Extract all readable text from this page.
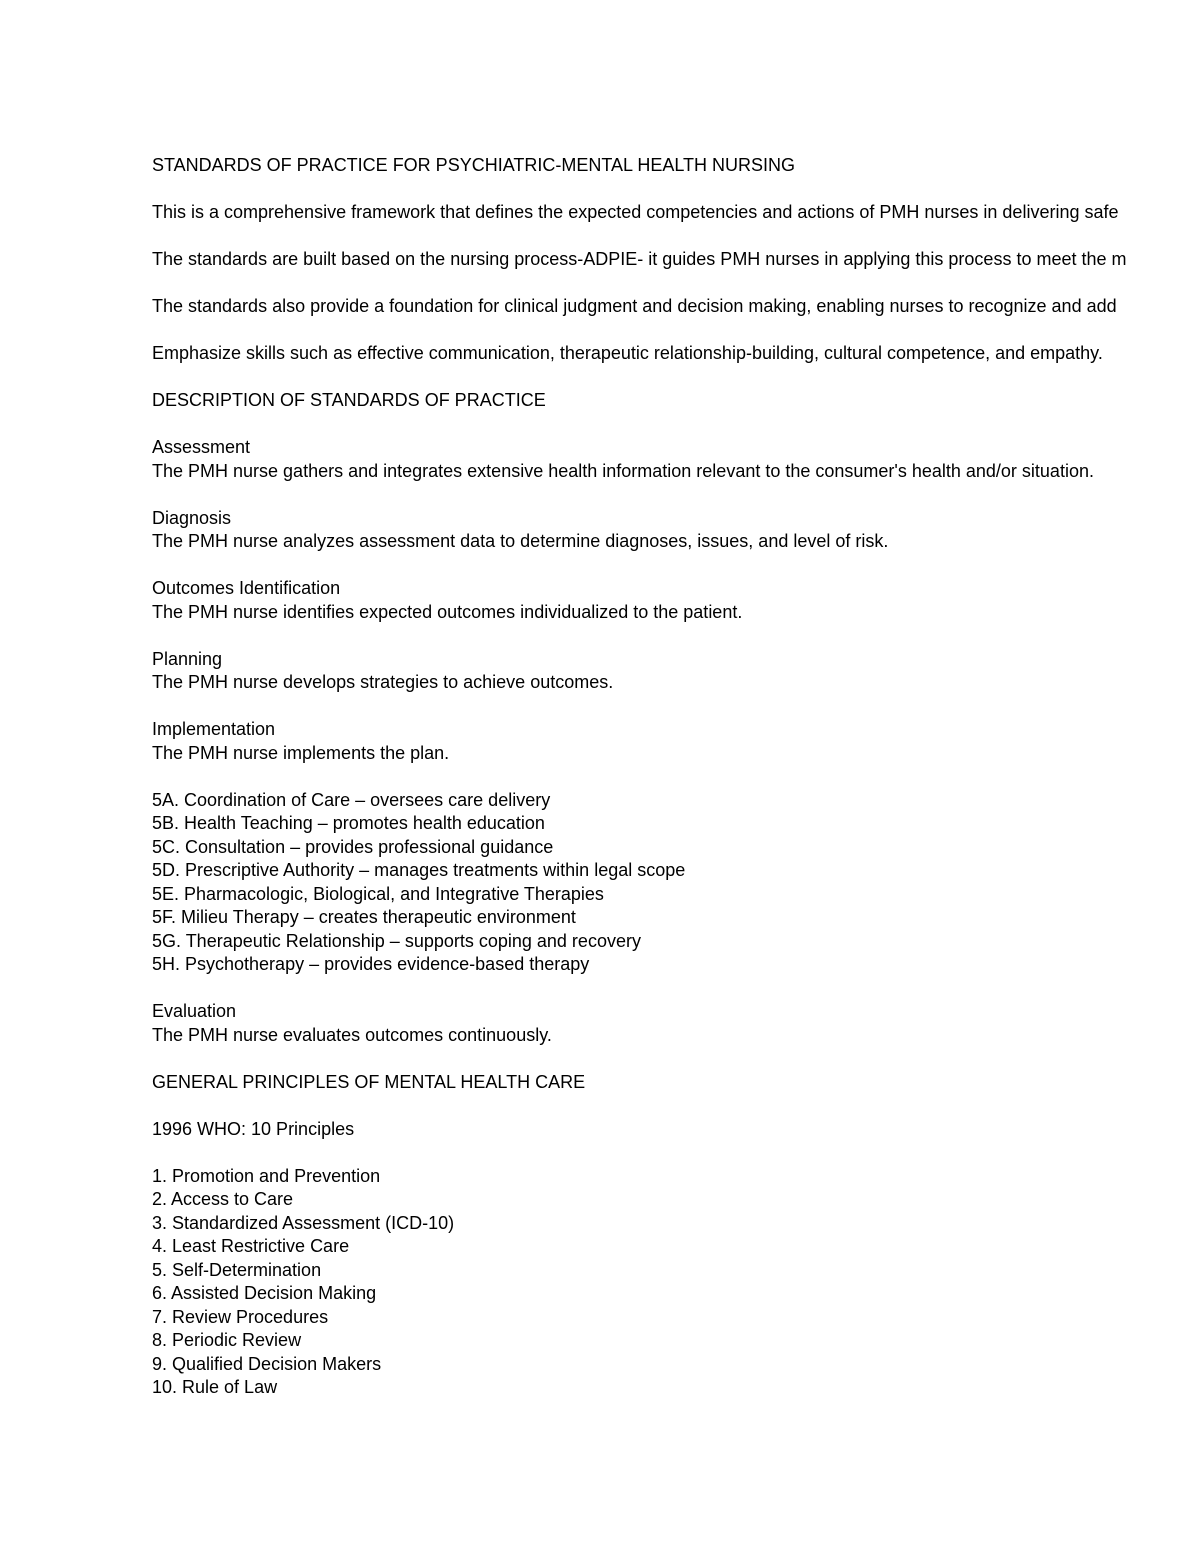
STANDARDS OF PRACTICE FOR PSYCHIATRIC-MENTAL HEALTH NURSING
This is a comprehensive framework that defines the expected competencies and actions of PMH nurses in delivering safe
The standards are built based on the nursing process-ADPIE- it guides PMH nurses in applying this process to meet the m
The standards also provide a foundation for clinical judgment and decision making, enabling nurses to recognize and add
Emphasize skills such as effective communication, therapeutic relationship-building, cultural competence, and empathy.
DESCRIPTION OF STANDARDS OF PRACTICE
Assessment
The PMH nurse gathers and integrates extensive health information relevant to the consumer's health and/or situation.
Diagnosis
The PMH nurse analyzes assessment data to determine diagnoses, issues, and level of risk.
Outcomes Identification
The PMH nurse identifies expected outcomes individualized to the patient.
Planning
The PMH nurse develops strategies to achieve outcomes.
Implementation
The PMH nurse implements the plan.
5A. Coordination of Care – oversees care delivery
5B. Health Teaching – promotes health education
5C. Consultation – provides professional guidance
5D. Prescriptive Authority – manages treatments within legal scope
5E. Pharmacologic, Biological, and Integrative Therapies
5F. Milieu Therapy – creates therapeutic environment
5G. Therapeutic Relationship – supports coping and recovery
5H. Psychotherapy – provides evidence-based therapy
Evaluation
The PMH nurse evaluates outcomes continuously.
GENERAL PRINCIPLES OF MENTAL HEALTH CARE
1996 WHO: 10 Principles
1. Promotion and Prevention
2. Access to Care
3. Standardized Assessment (ICD-10)
4. Least Restrictive Care
5. Self-Determination
6. Assisted Decision Making
7. Review Procedures
8. Periodic Review
9. Qualified Decision Makers
10. Rule of Law
